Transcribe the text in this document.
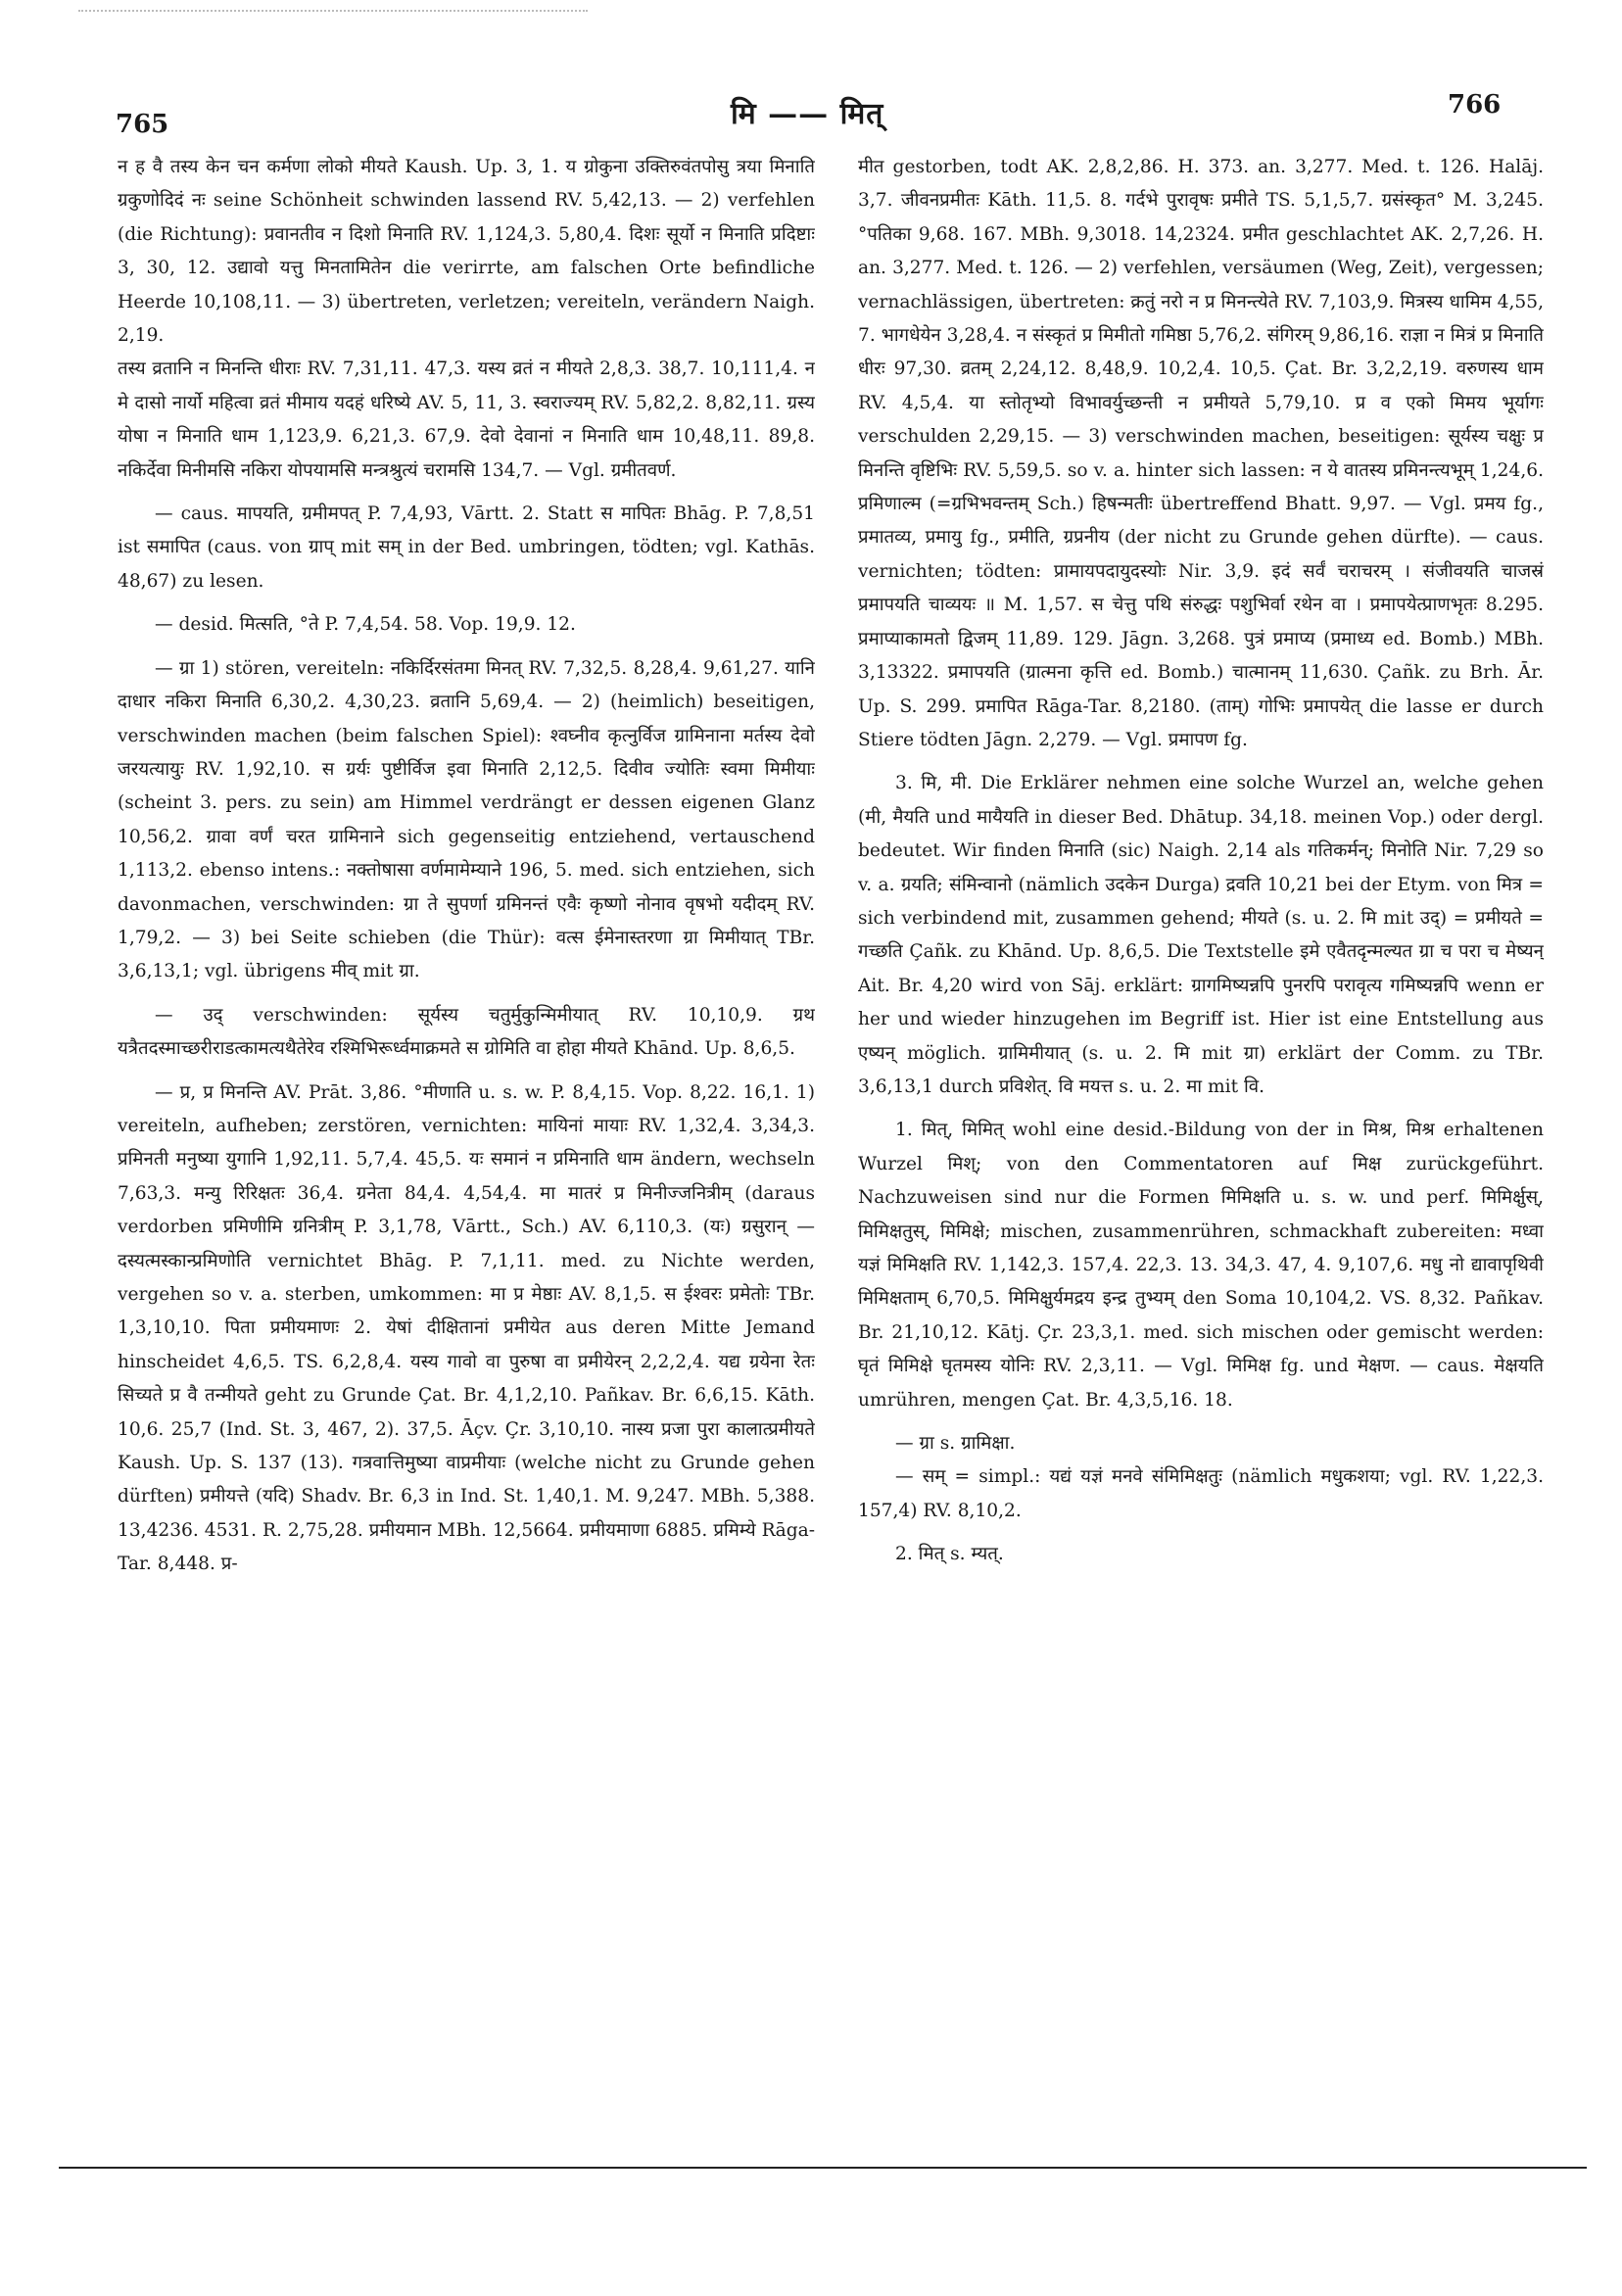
765	मि —— मित्	766

न ह वै तस्य केन चन कर्मणा लोको मीयते Kaush. Up. 3, 1. य ग्रोकुना उक्तिरुवंतपोसु त्रया मिनाति ग्रकुणोदिदं नः seine Schönheit schwinden lassend RV. 5,42,13. — 2) verfehlen (die Richtung): प्रवानतीव न दिशो मिनाति RV. 1,124,3. 5,80,4. दिशः सूर्यो न मिनाति प्रदिष्टाः 3, 30, 12. उद्यावो यत्तु मिनतामितेन die verirrte, am falschen Orte befindliche Heerde 10,108,11. — 3) übertreten, verletzen; vereiteln, verändern Naigh. 2,19.

तस्य व्रतानि न मिनन्ति धीराः RV. 7,31,11. 47,3. यस्य व्रतं न मीयते 2,8,3. 38,7. 10,111,4. न मे दासो नार्यो महित्वा व्रतं मीमाय यदहं धरिष्ये AV. 5, 11, 3. स्वराज्यम् RV. 5,82,2. 8,82,11. ग्रस्य योषा न मिनाति धाम 1,123,9. 6,21,3. 67,9. देवो देवानां न मिनाति धाम 10,48,11. 89,8. नकिर्देवा मिनीमसि नकिरा योपयामसि मन्त्रश्रुत्यं चरामसि 134,7. — Vgl. ग्रमीतवर्ण.

— caus. मापयति, ग्रमीमपत् P. 7,4,93, Vārtt. 2. Statt स मापितः Bhāg. P. 7,8,51 ist समापित (caus. von ग्राप् mit सम् in der Bed. umbringen, tödten; vgl. Kathās. 48,67) zu lesen.

— desid. मित्सति, °ते P. 7,4,54. 58. Vop. 19,9. 12.

— ग्रा 1) stören, vereiteln: नकिर्दिरसंतमा मिनत् RV. 7,32,5. 8,28,4. 9,61,27. यानि दाधार नकिरा मिनाति 6,30,2. 4,30,23. व्रतानि 5,69,4. — 2) (heimlich) beseitigen, verschwinden machen (beim falschen Spiel): श्वघ्नीव कृत्नुर्विज ग्रामिनाना मर्तस्य देवो जरयत्यायुः RV. 1,92,10. स ग्रर्यः पुष्टीर्विज इवा मिनाति 2,12,5. दिवीव ज्योतिः स्वमा मिमीयाः (scheint 3. pers. zu sein) am Himmel verdrängt er dessen eigenen Glanz 10,56,2. ग्रावा वर्णं चरत ग्रामिनाने sich gegenseitig entziehend, vertauschend 1,113,2. ebenso intens.: नक्तोषासा वर्णमामेम्याने 196, 5. med. sich entziehen, sich davonmachen, verschwinden: ग्रा ते सुपर्णा ग्रमिनन्तं एवैः कृष्णो नोनाव वृषभो यदीदम् RV. 1,79,2. — 3) bei Seite schieben (die Thür): वत्स ईमेनास्तरणा ग्रा मिमीयात् TBr. 3,6,13,1; vgl. übrigens मीव् mit ग्रा.

— उद् verschwinden: सूर्यस्य चतुर्मुकुन्मिमीयात् RV. 10,10,9. ग्रथ यत्रैतदस्माच्छरीराडत्कामत्यथैतेरेव रश्मिभिरूर्ध्वमाक्रमते स ग्रोमिति वा होहा मीयते Khānd. Up. 8,6,5.

— प्र, प्र मिनन्ति AV. Prāt. 3,86. °मीणाति u. s. w. P. 8,4,15. Vop. 8,22. 16,1. 1) vereiteln, aufheben; zerstören, vernichten: मायिनां मायाः RV. 1,32,4. 3,34,3. प्रमिनती मनुष्या युगानि 1,92,11. 5,7,4. 45,5. यः समानं न प्रमिनाति धाम ändern, wechseln 7,63,3. मन्यु रिरिक्षतः 36,4. ग्रनेता 84,4. 4,54,4. मा मातरं प्र मिनीज्जनित्रीम् (daraus verdorben प्रमिणीमि ग्रनित्रीम् P. 3,1,78, Vārtt., Sch.) AV. 6,110,3. (यः) ग्रसुरान् — दस्यत्मस्कान्प्रमिणोति vernichtet Bhāg. P. 7,1,11. med. zu Nichte werden, vergehen so v. a. sterben, umkommen: मा प्र मेष्ठाः AV. 8,1,5. स ईश्वरः प्रमेतोः TBr. 1,3,10,10. पिता प्रमीयमाणः 2. येषां दीक्षितानां प्रमीयेत aus deren Mitte Jemand hinscheidet 4,6,5. TS. 6,2,8,4. यस्य गावो वा पुरुषा वा प्रमीयेरन् 2,2,2,4. यद्य ग्रयेना रेतः सिच्यते प्र वै तन्मीयते geht zu Grunde Çat. Br. 4,1,2,10. Pañkav. Br. 6,6,15. Kāth. 10,6. 25,7 (Ind. St. 3, 467, 2). 37,5. Āçv. Çr. 3,10,10. नास्य प्रजा पुरा कालात्प्रमीयते Kaush. Up. S. 137 (13). गत्रवात्तिमुष्या वाप्रमीयाः (welche nicht zu Grunde gehen dürften) प्रमीयत्ते (यदि) Shadv. Br. 6,3 in Ind. St. 1,40,1. M. 9,247. MBh. 5,388. 13,4236. 4531. R. 2,75,28. प्रमीयमान MBh. 12,5664. प्रमीयमाणा 6885. प्रमिम्ये Rāga-Tar. 8,448. प्र-

मीत gestorben, todt AK. 2,8,2,86. H. 373. an. 3,277. Med. t. 126. Halāj. 3,7. जीवनप्रमीतः Kāth. 11,5. 8. गर्दभे पुरावृषः प्रमीते TS. 5,1,5,7. ग्रसंस्कृत° M. 3,245. °पतिका 9,68. 167. MBh. 9,3018. 14,2324. प्रमीत geschlachtet AK. 2,7,26. H. an. 3,277. Med. t. 126. — 2) verfehlen, versäumen (Weg, Zeit), vergessen; vernachlässigen, übertreten: क्रतुं नरो न प्र मिनन्त्येते RV. 7,103,9. मित्रस्य धामिम 4,55, 7. भागधेयेन 3,28,4. न संस्कृतं प्र मिमीतो गमिष्ठा 5,76,2. संगिरम् 9,86,16. राज्ञा न मित्रं प्र मिनाति धीरः 97,30. व्रतम् 2,24,12. 8,48,9. 10,2,4. 10,5. Çat. Br. 3,2,2,19. वरुणस्य धाम RV. 4,5,4. या स्तोतृभ्यो विभावर्युच्छन्ती न प्रमीयते 5,79,10. प्र व एको मिमय भूर्यागः verschulden 2,29,15. — 3) verschwinden machen, beseitigen: सूर्यस्य चक्षुः प्र मिनन्ति वृष्टिभिः RV. 5,59,5. so v. a. hinter sich lassen: न ये वातस्य प्रमिनन्त्यभूम् 1,24,6. प्रमिणाल्म (=ग्रभिभवन्तम् Sch.) हिषन्मतीः übertreffend Bhatt. 9,97. — Vgl. प्रमय fg., प्रमातव्य, प्रमायु fg., प्रमीति, ग्रप्रनीय (der nicht zu Grunde gehen dürfte). — caus. vernichten; tödten: प्रामायपदायुदस्योः Nir. 3,9. इदं सर्वं चराचरम् । संजीवयति चाजस्रं प्रमापयति चाव्ययः ॥ M. 1,57. स चेत्तु पथि संरुद्धः पशुभिर्वा रथेन वा । प्रमापयेत्प्राणभृतः 8.295. प्रमाप्याकामतो द्विजम् 11,89. 129. Jāgn. 3,268. पुत्रं प्रमाप्य (प्रमाध्य ed. Bomb.) MBh. 3,13322. प्रमापयति (ग्रात्मना कृत्ति ed. Bomb.) चात्मानम् 11,630. Çañk. zu Brh. Ār. Up. S. 299. प्रमापित Rāga-Tar. 8,2180. (ताम्) गोभिः प्रमापयेत् die lasse er durch Stiere tödten Jāgn. 2,279. — Vgl. प्रमापण fg.

3. मि, मी. Die Erklärer nehmen eine solche Wurzel an, welche gehen (मी, मैयति und मायैयति in dieser Bed. Dhātup. 34,18. meinen Vop.) oder dergl. bedeutet. Wir finden मिनाति (sic) Naigh. 2,14 als गतिकर्मन्; मिनोति Nir. 7,29 so v. a. ग्रयति; संमिन्वानो (nämlich उदकेन Durga) द्रवति 10,21 bei der Etym. von मित्र = sich verbindend mit, zusammen gehend; मीयते (s. u. 2. मि mit उद्) = प्रमीयते = गच्छति Çañk. zu Khānd. Up. 8,6,5. Die Textstelle इमे एवैतदृन्मल्यत ग्रा च परा च मेष्यन् Ait. Br. 4,20 wird von Sāj. erklärt: ग्रागमिष्यन्नपि पुनरपि परावृत्य गमिष्यन्नपि wenn er her und wieder hinzugehen im Begriff ist. Hier ist eine Entstellung aus एष्यन् möglich. ग्रामिमीयात् (s. u. 2. मि mit ग्रा) erklärt der Comm. zu TBr. 3,6,13,1 durch प्रविशेत्. वि मयत्त s. u. 2. मा mit वि.

1. मित्, मिमित् wohl eine desid.-Bildung von der in मिश्र, मिश्र erhaltenen Wurzel मिश्; von den Commentatoren auf मिक्ष zurückgeführt. Nachzuweisen sind nur die Formen मिमिक्षति u. s. w. und perf. मिमिर्क्षुस्, मिमिक्षतुस्, मिमिक्षे; mischen, zusammenrühren, schmackhaft zubereiten: मध्वा यज्ञं मिमिक्षति RV. 1,142,3. 157,4. 22,3. 13. 34,3. 47, 4. 9,107,6. मधु नो द्यावापृथिवी मिमिक्षताम् 6,70,5. मिमिक्षुर्यमद्रय इन्द्र तुभ्यम् den Soma 10,104,2. VS. 8,32. Pañkav. Br. 21,10,12. Kātj. Çr. 23,3,1. med. sich mischen oder gemischt werden: घृतं मिमिक्षे घृतमस्य योनिः RV. 2,3,11. — Vgl. मिमिक्ष fg. und मेक्षण. — caus. मेक्षयति umrühren, mengen Çat. Br. 4,3,5,16. 18.

— ग्रा s. ग्रामिक्षा.

— सम् = simpl.: यद्यं यज्ञं मनवे संमिमिक्षतुः (nämlich मधुकशया; vgl. RV. 1,22,3. 157,4) RV. 8,10,2.

2. मित् s. म्यत्.
